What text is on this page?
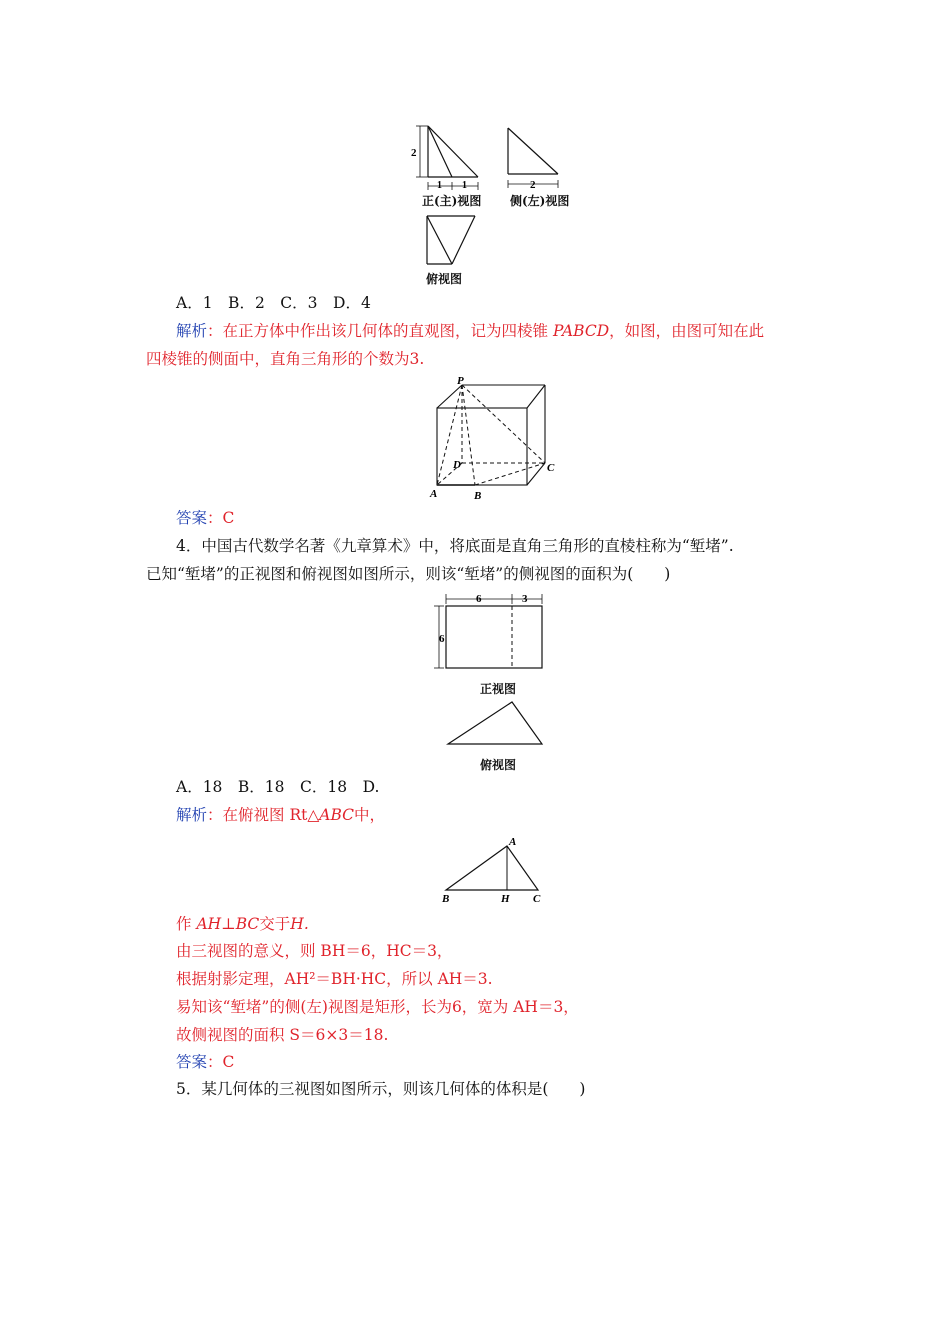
2
1 1	2
正(主)视图 侧(左)视图
俯视图
A．1　B．2　C．3　D．4
解析：在正方体中作出该几何体的直观图，记为四棱锥 PABCD，如图，由图可知在此
四棱锥的侧面中，直角三角形的个数为3.
P
D	C
A	B
答案：C
4．中国古代数学名著《九章算术》中，将底面是直角三角形的直棱柱称为“堑堵”.
已知“堑堵”的正视图和俯视图如图所示，则该“堑堵”的侧视图的面积为(　　)
6	3
6
正视图
俯视图
A．18　B．18　C．18　D.
解析：在俯视图 Rt△ABC中，
A
B	H C
作 AH⊥BC交于H.
由三视图的意义，则 BH＝6，HC＝3，
根据射影定理，AH²＝BH·HC，所以 AH＝3.
易知该“堑堵”的侧(左)视图是矩形，长为6，宽为 AH＝3，
故侧视图的面积 S＝6×3＝18.
答案：C
5．某几何体的三视图如图所示，则该几何体的体积是(　　)
